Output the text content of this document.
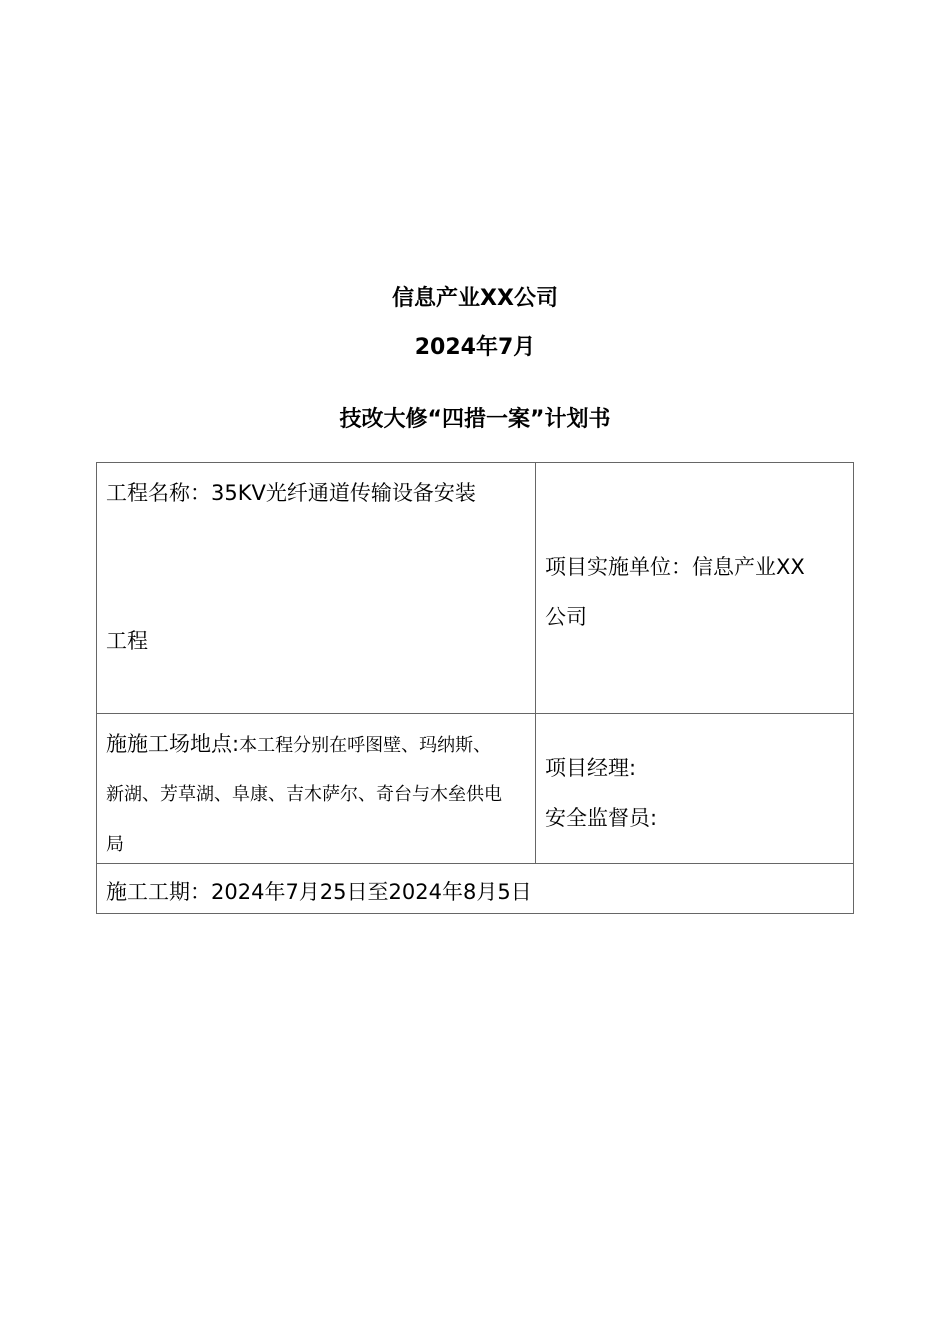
信息产业XX公司
2024年7月
技改大修“四措一案”计划书
工程名称：35KV光纤通道传输设备安装
工程	项目实施单位：信息产业XX
公司

施施工场地点:本工程分别在呼图壁、玛纳斯、
新湖、芳草湖、阜康、吉木萨尔、奇台与木垒供电
局	项目经理:
安全监督员:

施工工期：2024年7月25日至2024年8月5日	
